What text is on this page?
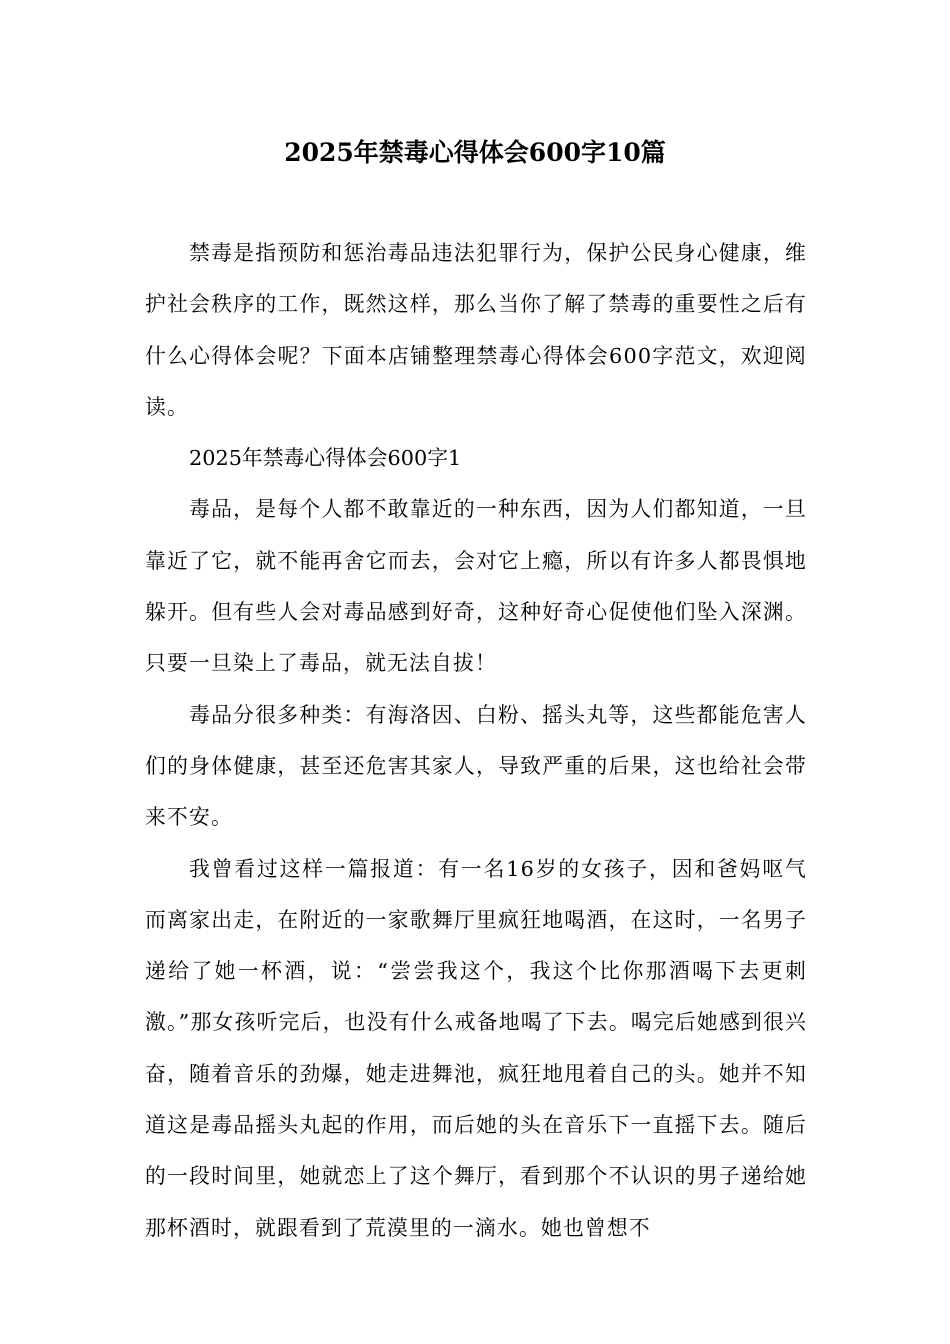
2025年禁毒心得体会600字10篇

禁毒是指预防和惩治毒品违法犯罪行为，保护公民身心健康，维护社会秩序的工作，既然这样，那么当你了解了禁毒的重要性之后有什么心得体会呢？下面本店铺整理禁毒心得体会600字范文，欢迎阅读。

2025年禁毒心得体会600字1

毒品，是每个人都不敢靠近的一种东西，因为人们都知道，一旦靠近了它，就不能再舍它而去，会对它上瘾，所以有许多人都畏惧地躲开。但有些人会对毒品感到好奇，这种好奇心促使他们坠入深渊。只要一旦染上了毒品，就无法自拔！

毒品分很多种类：有海洛因、白粉、摇头丸等，这些都能危害人们的身体健康，甚至还危害其家人，导致严重的后果，这也给社会带来不安。

我曾看过这样一篇报道：有一名16岁的女孩子，因和爸妈呕气而离家出走，在附近的一家歌舞厅里疯狂地喝酒，在这时，一名男子递给了她一杯酒，说：“尝尝我这个，我这个比你那酒喝下去更刺激。”那女孩听完后，也没有什么戒备地喝了下去。喝完后她感到很兴奋，随着音乐的劲爆，她走进舞池，疯狂地甩着自己的头。她并不知道这是毒品摇头丸起的作用，而后她的头在音乐下一直摇下去。随后的一段时间里，她就恋上了这个舞厅，看到那个不认识的男子递给她那杯酒时，就跟看到了荒漠里的一滴水。她也曾想不
